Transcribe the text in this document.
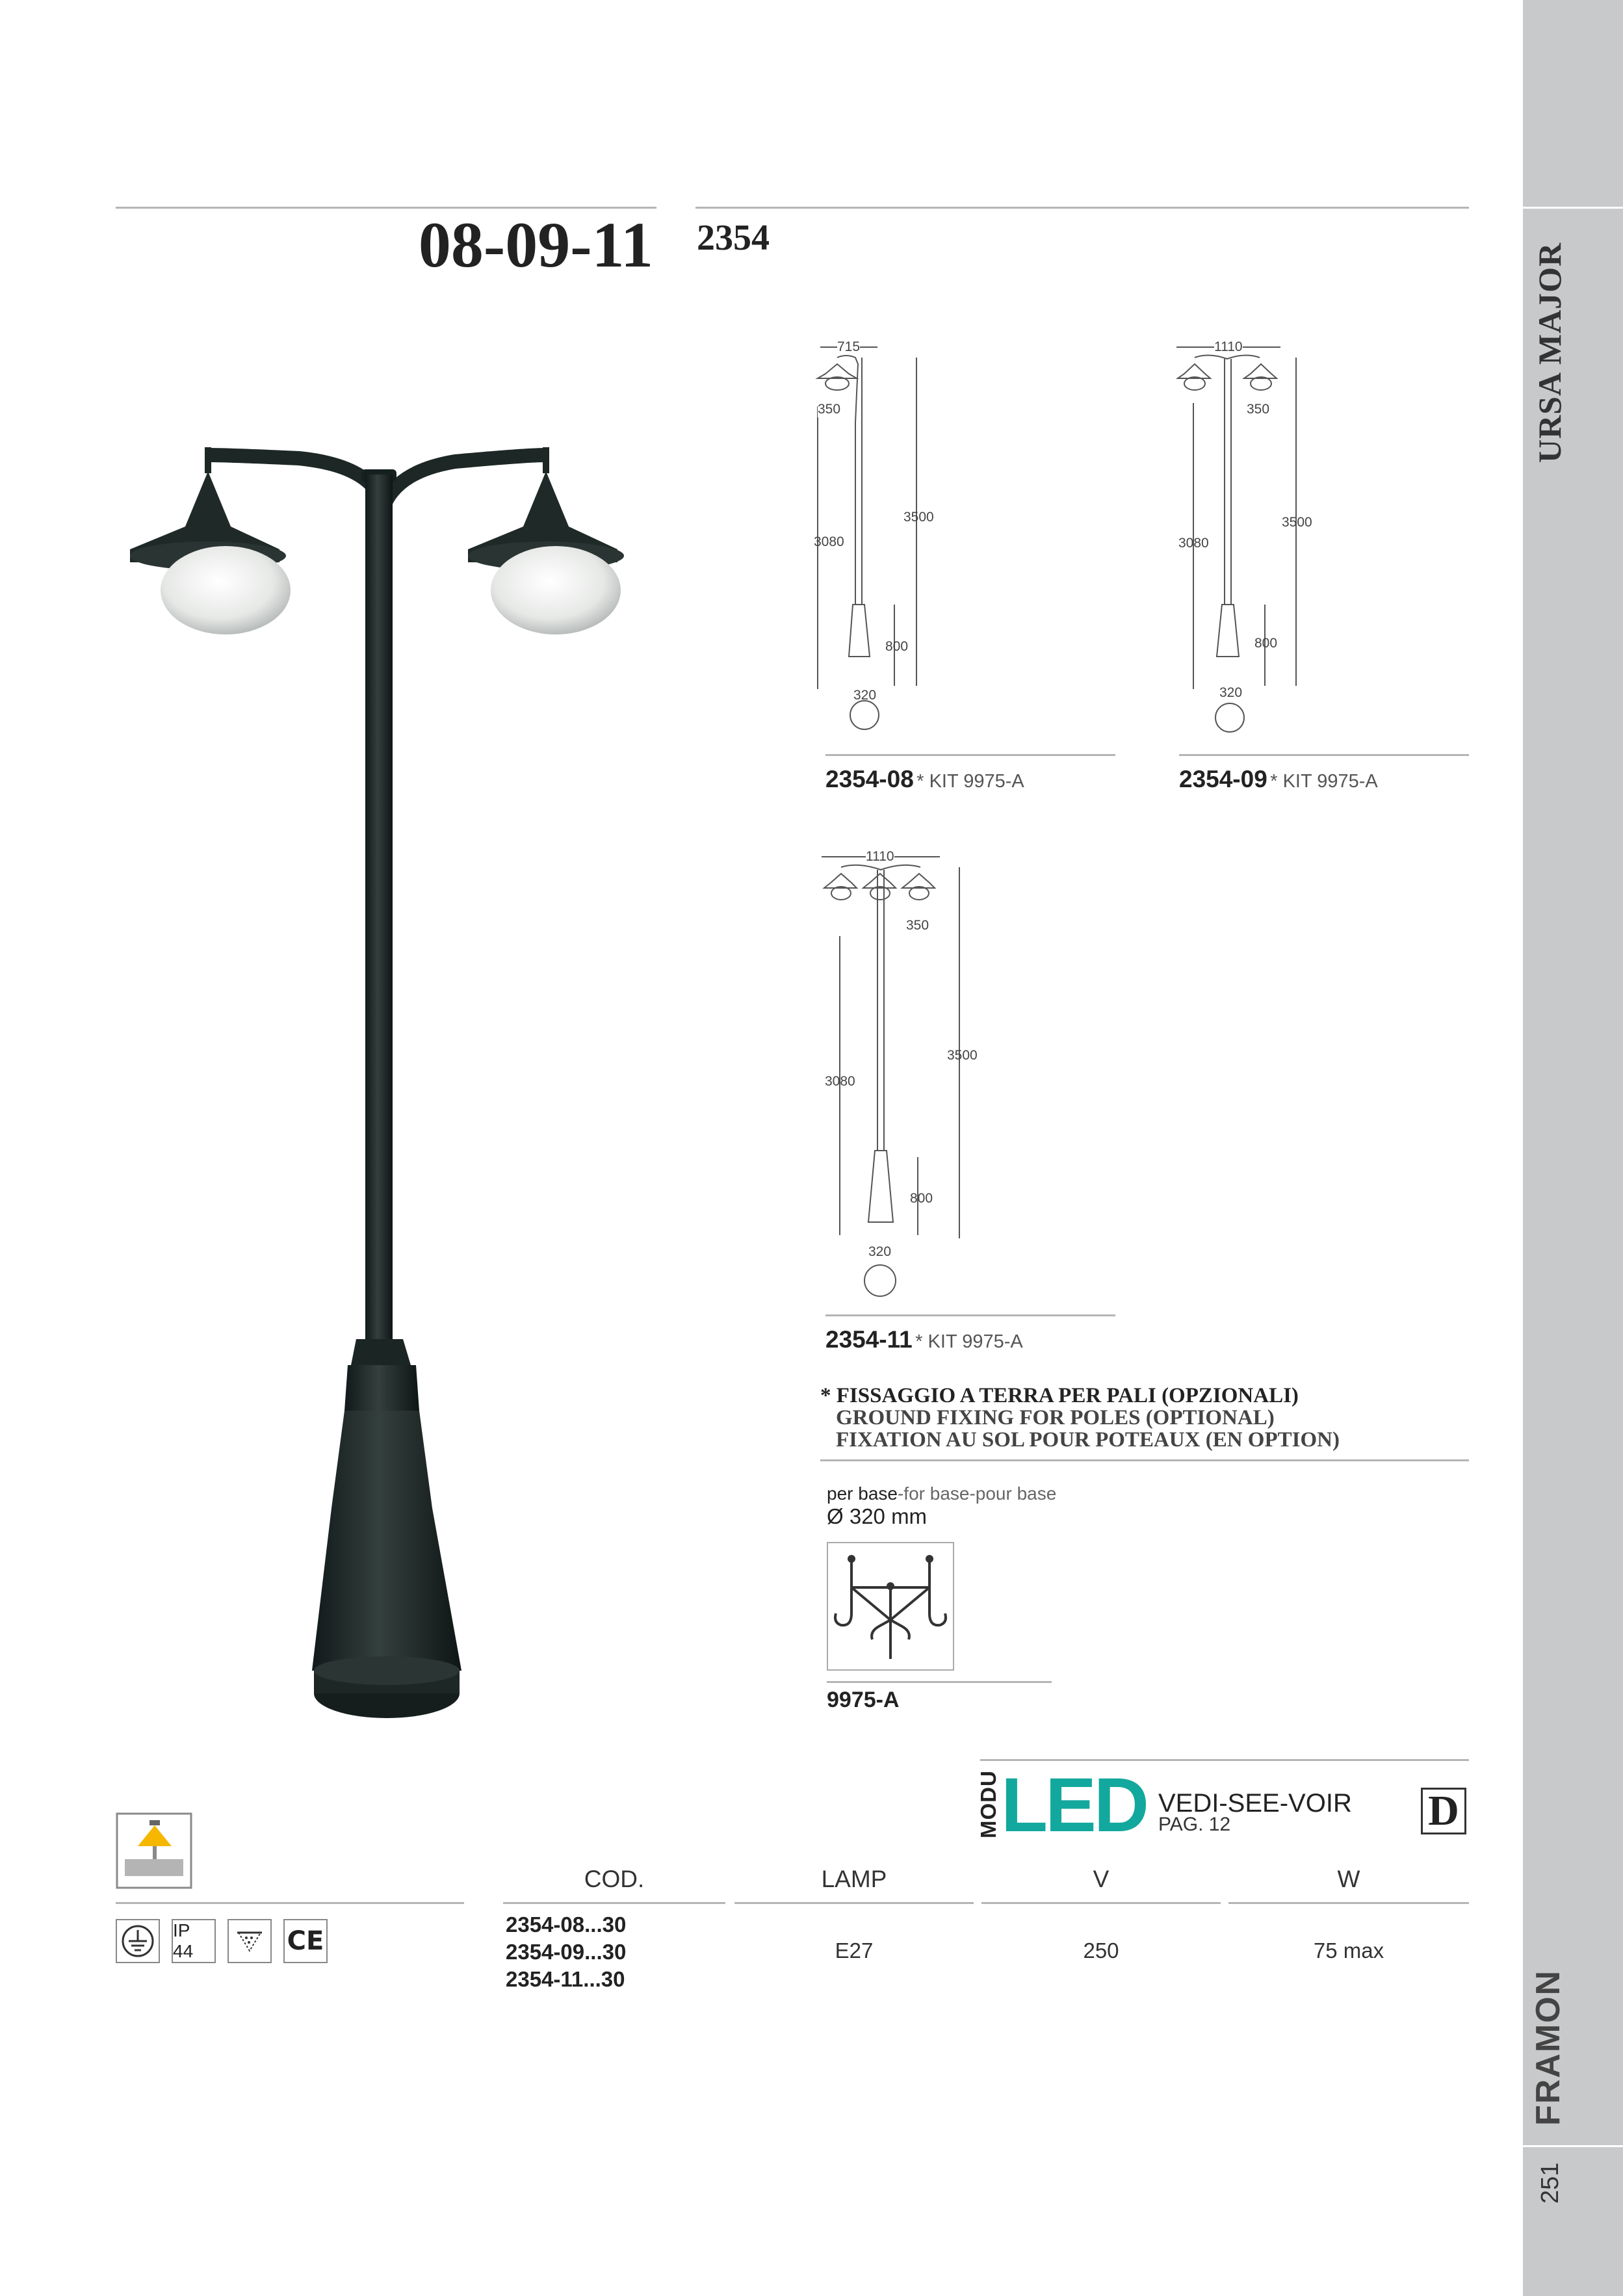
URSA MAJOR
FRAMON
251
08-09-11 2354
715
350
3080
3500
800
320
2354-08 * KIT 9975-A
1110
350
3080
3500
800
320
2354-09 * KIT 9975-A
1110
350
3080
3500
800
320
2354-11 * KIT 9975-A
* FISSAGGIO A TERRA PER PALI (OPZIONALI)
GROUND FIXING FOR POLES (OPTIONAL)
FIXATION AU SOL POUR POTEAUX (EN OPTION)
per base-for base-pour base
Ø 320 mm
9975-A
MODU LED VEDI-SEE-VOIR
PAG. 12	D
COD.	LAMP	V	W
IP 44	CE
2354-08...30
2354-09...30
2354-11...30
E27	250	75 max
